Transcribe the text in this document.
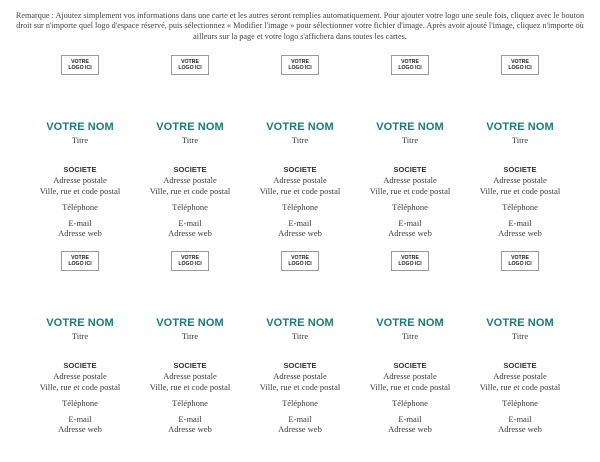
Remarque : Ajoutez simplement vos informations dans une carte et les autres seront remplies automatiquement. Pour ajouter votre logo une seule fois, cliquez avec le bouton droit sur n'importe quel logo d'espace réservé, puis sélectionnez « Modifier l'image » pour sélectionner votre fichier d'image. Après avoir ajouté l'image, cliquez n'importe où ailleurs sur la page et votre logo s'affichera dans toutes les cartes.
VOTRE LOGO ICI
VOTRE NOM
Titre
SOCIETE
Adresse postale
Ville, rue et code postal
Téléphone
E-mail
Adresse web
VOTRE LOGO ICI
VOTRE NOM
Titre
SOCIETE
Adresse postale
Ville, rue et code postal
Téléphone
E-mail
Adresse web
VOTRE LOGO ICI
VOTRE NOM
Titre
SOCIETE
Adresse postale
Ville, rue et code postal
Téléphone
E-mail
Adresse web
VOTRE LOGO ICI
VOTRE NOM
Titre
SOCIETE
Adresse postale
Ville, rue et code postal
Téléphone
E-mail
Adresse web
VOTRE LOGO ICI
VOTRE NOM
Titre
SOCIETE
Adresse postale
Ville, rue et code postal
Téléphone
E-mail
Adresse web
VOTRE LOGO ICI
VOTRE NOM
Titre
SOCIETE
Adresse postale
Ville, rue et code postal
Téléphone
E-mail
Adresse web
VOTRE LOGO ICI
VOTRE NOM
Titre
SOCIETE
Adresse postale
Ville, rue et code postal
Téléphone
E-mail
Adresse web
VOTRE LOGO ICI
VOTRE NOM
Titre
SOCIETE
Adresse postale
Ville, rue et code postal
Téléphone
E-mail
Adresse web
VOTRE LOGO ICI
VOTRE NOM
Titre
SOCIETE
Adresse postale
Ville, rue et code postal
Téléphone
E-mail
Adresse web
VOTRE LOGO ICI
VOTRE NOM
Titre
SOCIETE
Adresse postale
Ville, rue et code postal
Téléphone
E-mail
Adresse web
